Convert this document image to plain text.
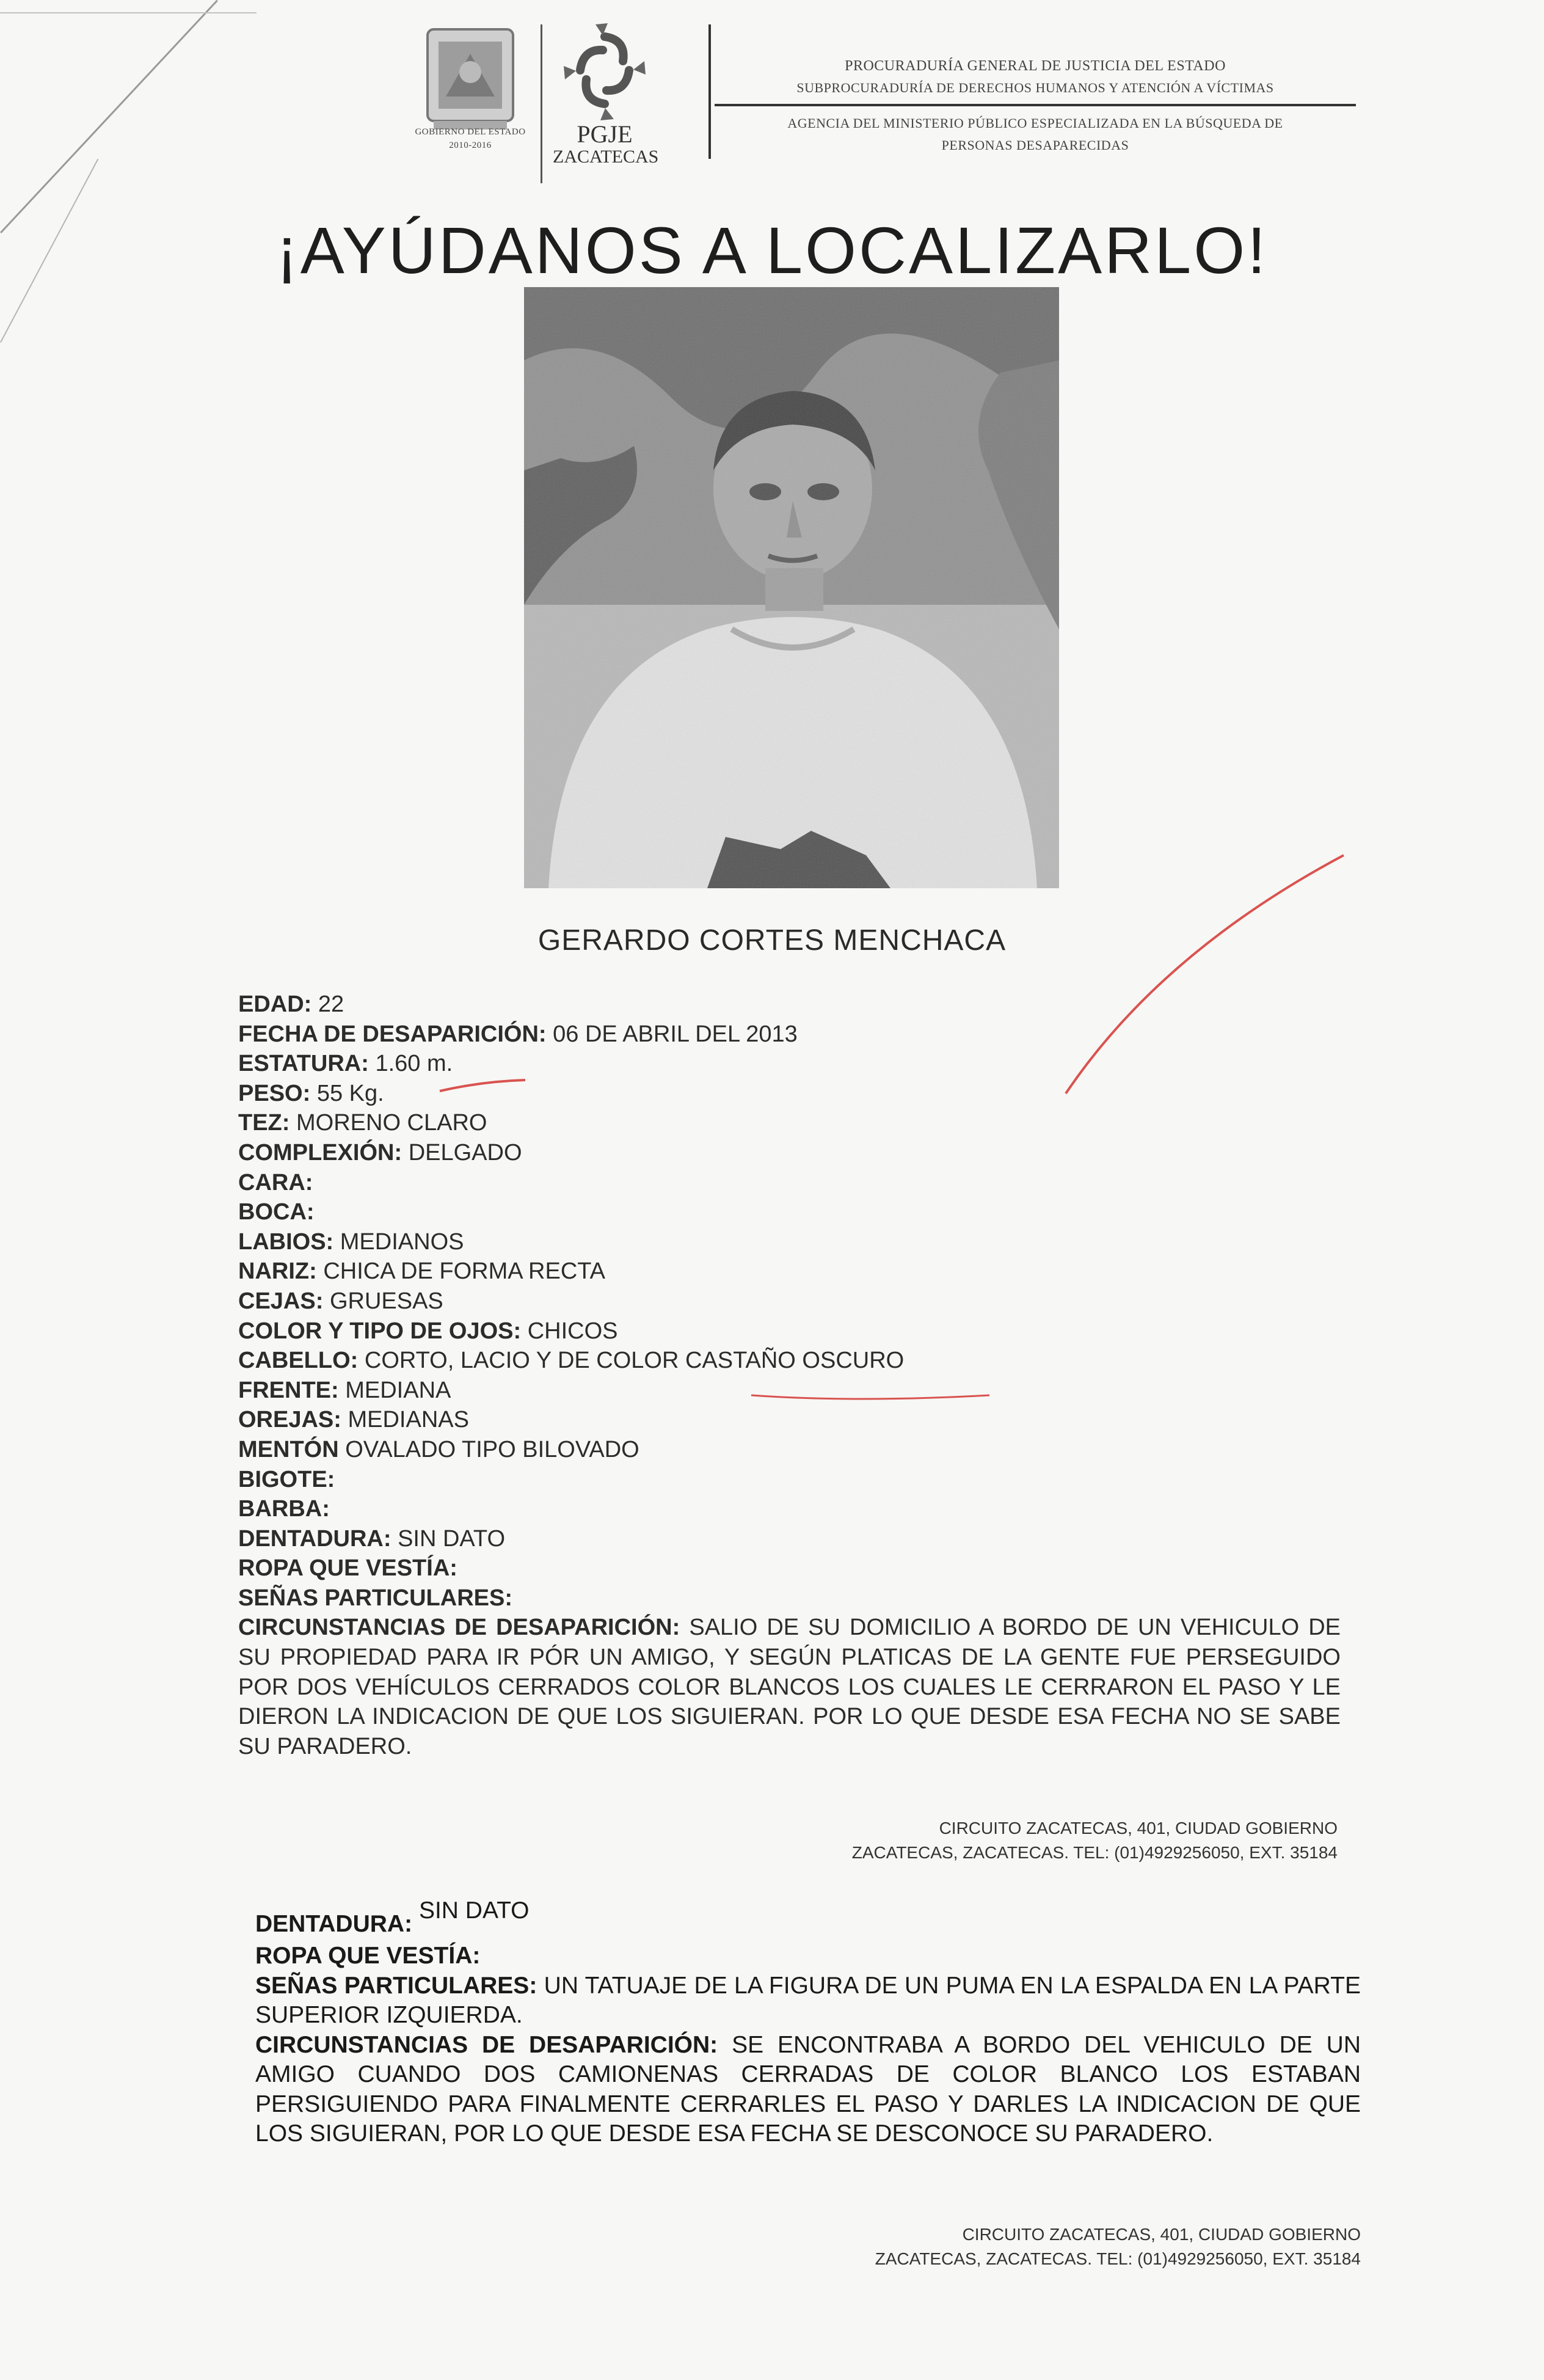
GOBIERNO DEL ESTADO
2010-2016	PGJE
ZACATECAS
PROCURADURÍA GENERAL DE JUSTICIA DEL ESTADO
SUBPROCURADURÍA DE DERECHOS HUMANOS Y ATENCIÓN A VÍCTIMAS
AGENCIA DEL MINISTERIO PÚBLICO ESPECIALIZADA EN LA BÚSQUEDA DE
PERSONAS DESAPARECIDAS
¡AYÚDANOS A LOCALIZARLO!
GERARDO CORTES MENCHACA
EDAD: 22
FECHA DE DESAPARICIÓN: 06 DE ABRIL DEL 2013
ESTATURA: 1.60 m.
PESO: 55 Kg.
TEZ: MORENO CLARO
COMPLEXIÓN: DELGADO
CARA:
BOCA:
LABIOS: MEDIANOS
NARIZ: CHICA DE FORMA RECTA
CEJAS: GRUESAS
COLOR Y TIPO DE OJOS: CHICOS
CABELLO: CORTO, LACIO Y DE COLOR CASTAÑO OSCURO
FRENTE: MEDIANA
OREJAS: MEDIANAS
MENTÓN OVALADO TIPO BILOVADO
BIGOTE:
BARBA:
DENTADURA: SIN DATO
ROPA QUE VESTÍA:
SEÑAS PARTICULARES:
CIRCUNSTANCIAS DE DESAPARICIÓN: SALIO DE SU DOMICILIO A BORDO DE UN VEHICULO DE SU PROPIEDAD PARA IR PÓR UN AMIGO, Y SEGÚN PLATICAS DE LA GENTE FUE PERSEGUIDO POR DOS VEHÍCULOS CERRADOS COLOR BLANCOS LOS CUALES LE CERRARON EL PASO Y LE DIERON LA INDICACION DE QUE LOS SIGUIERAN. POR LO QUE DESDE ESA FECHA NO SE SABE SU PARADERO.
CIRCUITO ZACATECAS, 401, CIUDAD GOBIERNO
ZACATECAS, ZACATECAS. TEL: (01)4929256050, EXT. 35184
DENTADURA: SIN DATO
ROPA QUE VESTÍA:
SEÑAS PARTICULARES: UN TATUAJE DE LA FIGURA DE UN PUMA EN LA ESPALDA EN LA PARTE SUPERIOR IZQUIERDA.
CIRCUNSTANCIAS DE DESAPARICIÓN: SE ENCONTRABA A BORDO DEL VEHICULO DE UN AMIGO CUANDO DOS CAMIONENAS CERRADAS DE COLOR BLANCO LOS ESTABAN PERSIGUIENDO PARA FINALMENTE CERRARLES EL PASO Y DARLES LA INDICACION DE QUE LOS SIGUIERAN, POR LO QUE DESDE ESA FECHA SE DESCONOCE SU PARADERO.
CIRCUITO ZACATECAS, 401, CIUDAD GOBIERNO
ZACATECAS, ZACATECAS. TEL: (01)4929256050, EXT. 35184
